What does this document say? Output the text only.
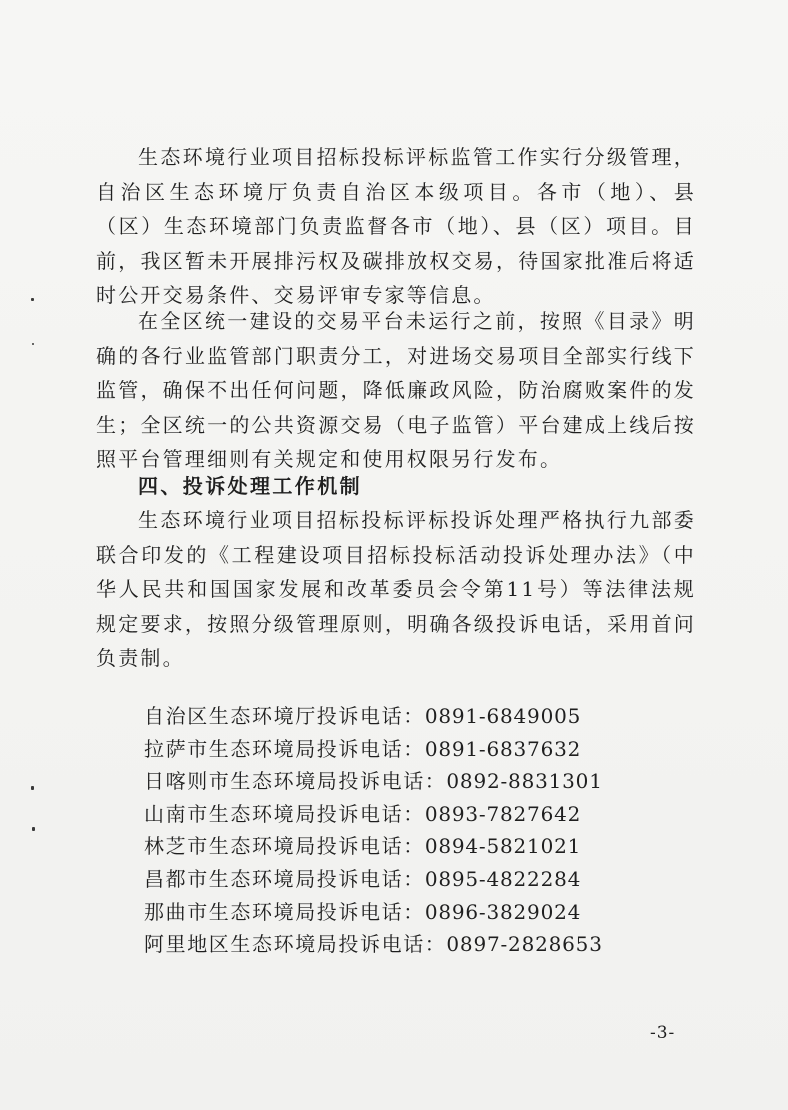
生态环境行业项目招标投标评标监管工作实行分级管理，自治区生态环境厅负责自治区本级项目。各市（地）、县（区）生态环境部门负责监督各市（地）、县（区）项目。目前，我区暂未开展排污权及碳排放权交易，待国家批准后将适时公开交易条件、交易评审专家等信息。

在全区统一建设的交易平台未运行之前，按照《目录》明确的各行业监管部门职责分工，对进场交易项目全部实行线下监管，确保不出任何问题，降低廉政风险，防治腐败案件的发生；全区统一的公共资源交易（电子监管）平台建成上线后按照平台管理细则有关规定和使用权限另行发布。

四、投诉处理工作机制

生态环境行业项目招标投标评标投诉处理严格执行九部委联合印发的《工程建设项目招标投标活动投诉处理办法》（中华人民共和国国家发展和改革委员会令第11号）等法律法规规定要求，按照分级管理原则，明确各级投诉电话，采用首问负责制。

自治区生态环境厅投诉电话：0891-6849005
拉萨市生态环境局投诉电话：0891-6837632
日喀则市生态环境局投诉电话：0892-8831301
山南市生态环境局投诉电话：0893-7827642
林芝市生态环境局投诉电话：0894-5821021
昌都市生态环境局投诉电话：0895-4822284
那曲市生态环境局投诉电话：0896-3829024
阿里地区生态环境局投诉电话：0897-2828653
-3-
